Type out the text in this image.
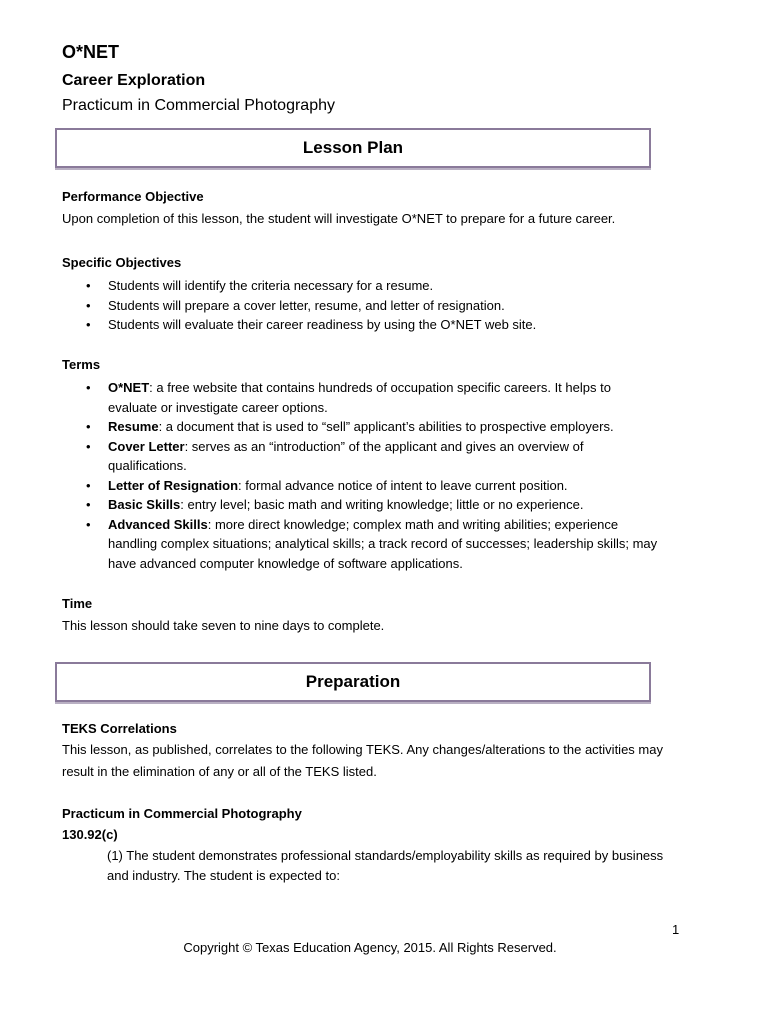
O*NET
Career Exploration
Practicum in Commercial Photography
Lesson Plan
Performance Objective
Upon completion of this lesson, the student will investigate O*NET to prepare for a future career.
Specific Objectives
• Students will identify the criteria necessary for a resume.
• Students will prepare a cover letter, resume, and letter of resignation.
• Students will evaluate their career readiness by using the O*NET web site.
Terms
• O*NET: a free website that contains hundreds of occupation specific careers. It helps to evaluate or investigate career options.
• Resume: a document that is used to “sell” applicant’s abilities to prospective employers.
• Cover Letter: serves as an “introduction” of the applicant and gives an overview of qualifications.
• Letter of Resignation: formal advance notice of intent to leave current position.
• Basic Skills: entry level; basic math and writing knowledge; little or no experience.
• Advanced Skills: more direct knowledge; complex math and writing abilities; experience handling complex situations; analytical skills; a track record of successes; leadership skills; may have advanced computer knowledge of software applications.
Time
This lesson should take seven to nine days to complete.
Preparation
TEKS Correlations
This lesson, as published, correlates to the following TEKS. Any changes/alterations to the activities may result in the elimination of any or all of the TEKS listed.
Practicum in Commercial Photography
130.92(c)
(1) The student demonstrates professional standards/employability skills as required by business and industry. The student is expected to:
1
Copyright © Texas Education Agency, 2015. All Rights Reserved.
